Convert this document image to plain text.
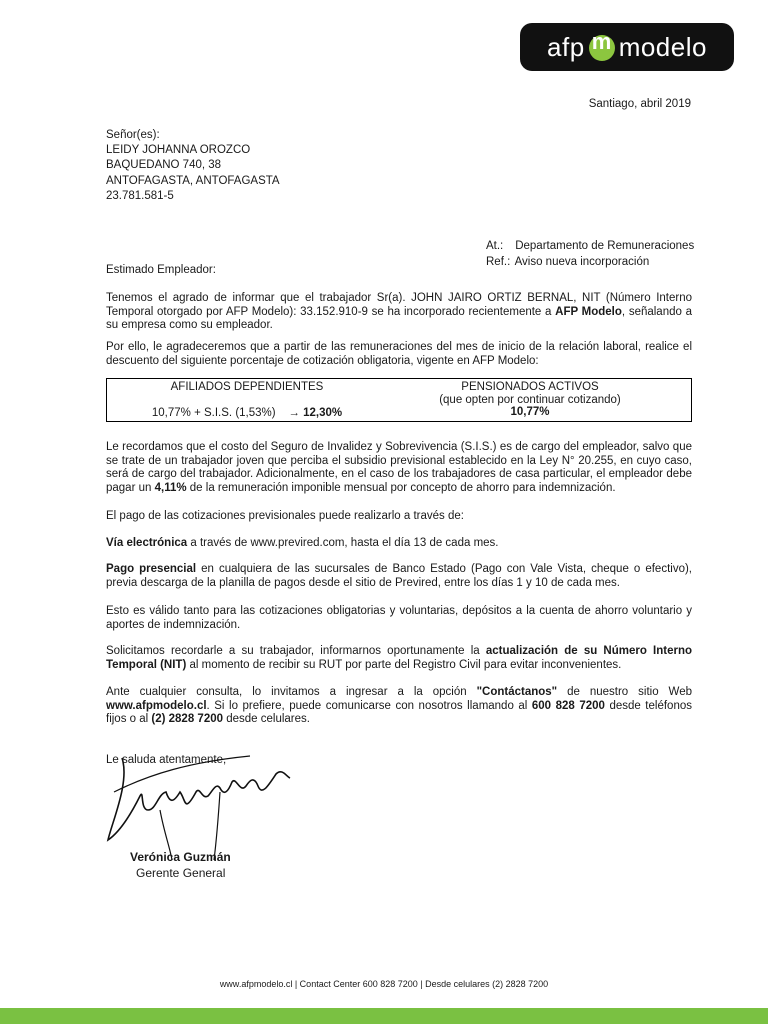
afp
m modelo
Santiago, abril 2019
Señor(es):
LEIDY JOHANNA OROZCO
BAQUEDANO 740, 38
ANTOFAGASTA, ANTOFAGASTA
23.781.581-5
At.: Departamento de Remuneraciones
Ref.: Aviso nueva incorporación
Estimado Empleador:
Tenemos el agrado de informar que el trabajador Sr(a). JOHN JAIRO ORTIZ BERNAL, NIT (Número Interno Temporal otorgado por AFP Modelo): 33.152.910-9 se ha incorporado recientemente a AFP Modelo, señalando a su empresa como su empleador.
Por ello, le agradeceremos que a partir de las remuneraciones del mes de inicio de la relación laboral, realice el descuento del siguiente porcentaje de cotización obligatoria, vigente en AFP Modelo:
AFILIADOS DEPENDIENTES
10,77% + S.I.S. (1,53%) → 12,30%
PENSIONADOS ACTIVOS
(que opten por continuar cotizando)
10,77%
Le recordamos que el costo del Seguro de Invalidez y Sobrevivencia (S.I.S.) es de cargo del empleador, salvo que se trate de un trabajador joven que perciba el subsidio previsional establecido en la Ley N° 20.255, en cuyo caso, será de cargo del trabajador. Adicionalmente, en el caso de los trabajadores de casa particular, el empleador debe pagar un 4,11% de la remuneración imponible mensual por concepto de ahorro para indemnización.
El pago de las cotizaciones previsionales puede realizarlo a través de:
Vía electrónica a través de www.previred.com, hasta el día 13 de cada mes.
Pago presencial en cualquiera de las sucursales de Banco Estado (Pago con Vale Vista, cheque o efectivo), previa descarga de la planilla de pagos desde el sitio de Previred, entre los días 1 y 10 de cada mes.
Esto es válido tanto para las cotizaciones obligatorias y voluntarias, depósitos a la cuenta de ahorro voluntario y aportes de indemnización.
Solicitamos recordarle a su trabajador, informarnos oportunamente la actualización de su Número Interno Temporal (NIT) al momento de recibir su RUT por parte del Registro Civil para evitar inconvenientes.
Ante cualquier consulta, lo invitamos a ingresar a la opción "Contáctanos" de nuestro sitio Web www.afpmodelo.cl. Si lo prefiere, puede comunicarse con nosotros llamando al 600 828 7200 desde teléfonos fijos o al (2) 2828 7200 desde celulares.
Le saluda atentamente,
Verónica Guzmán
Gerente General
www.afpmodelo.cl | Contact Center 600 828 7200 | Desde celulares (2) 2828 7200
